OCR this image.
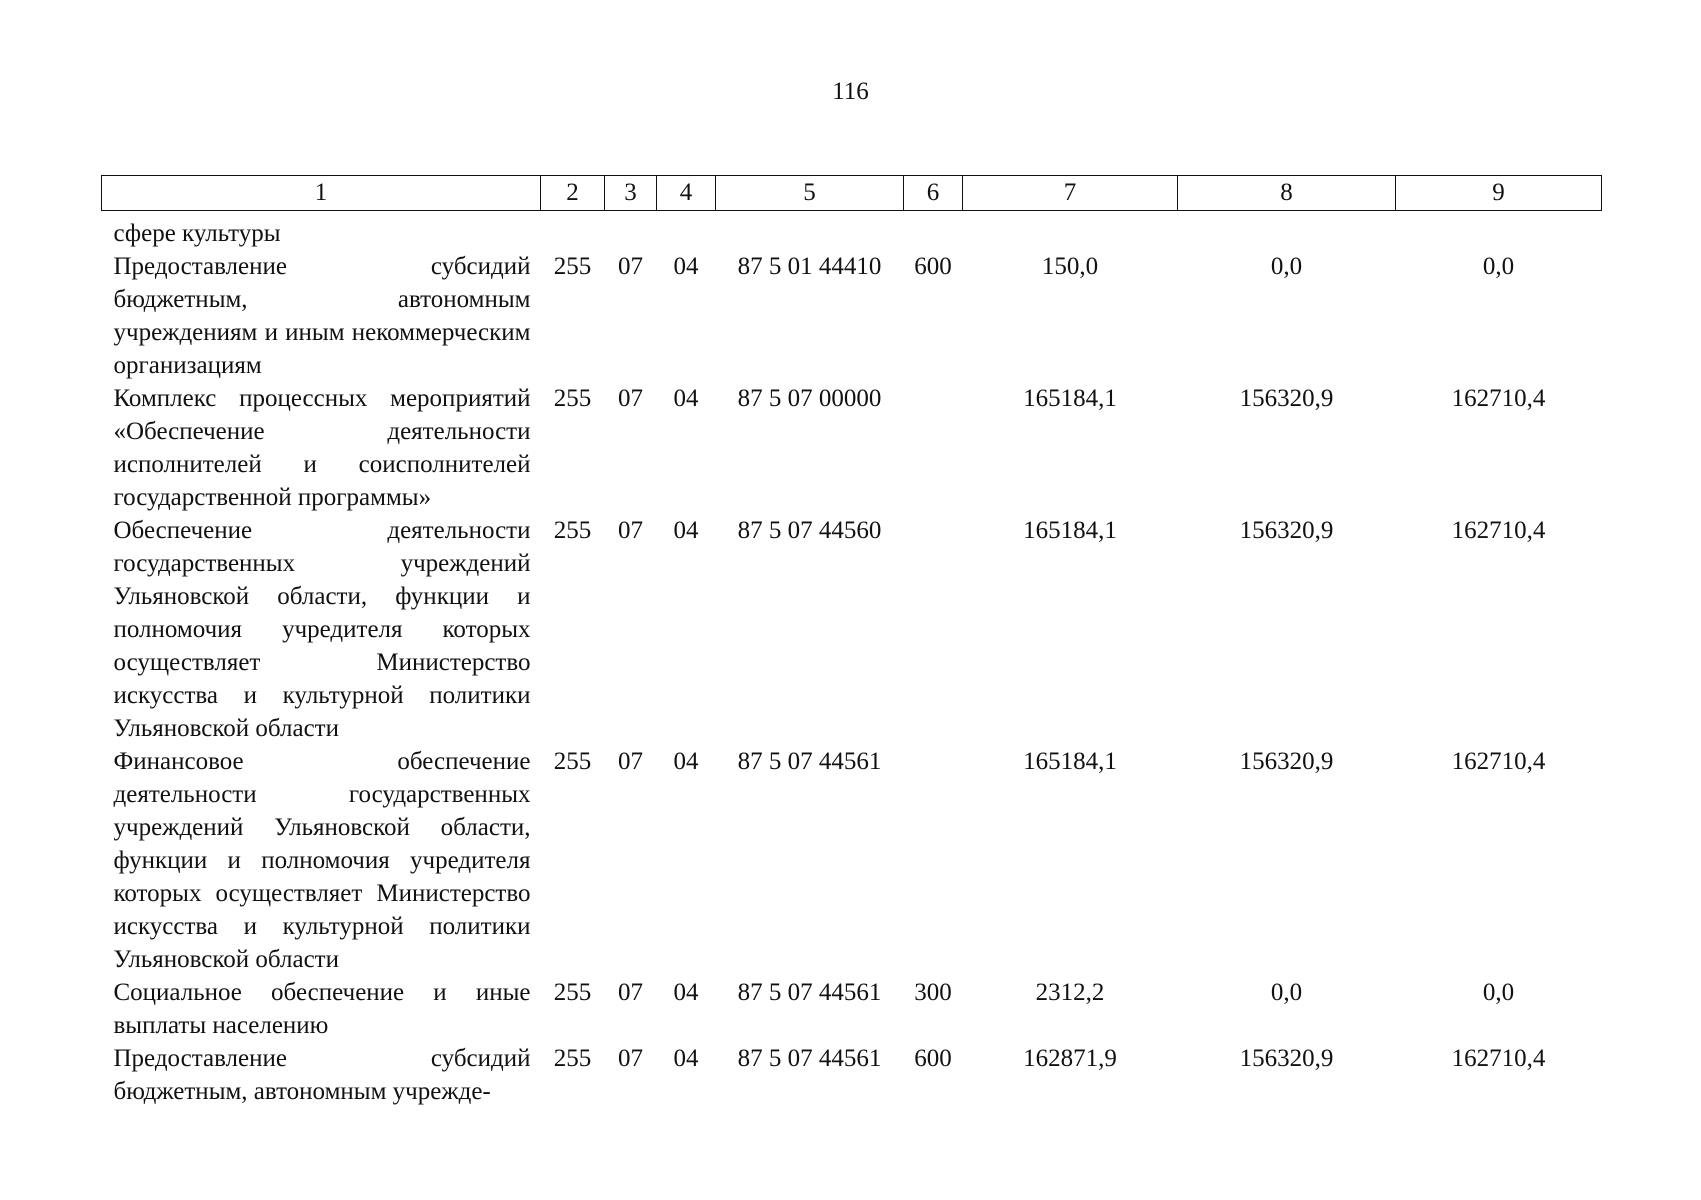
116
1	2	3	4	5	6	7	8	9
сфере культуры								
Предоставление субсидий бюджетным, автономным учреждениям и иным некоммерческим организациям	255	07	04	87 5 01 44410	600	150,0	0,0	0,0
Комплекс процессных мероприятий «Обеспечение деятельности исполнителей и соисполнителей государственной программы»	255	07	04	87 5 07 00000		165184,1	156320,9	162710,4
Обеспечение деятельности государственных учреждений Ульяновской области, функции и полномочия учредителя которых осуществляет Министерство искусства и культурной политики Ульяновской области	255	07	04	87 5 07 44560		165184,1	156320,9	162710,4
Финансовое обеспечение деятельности государственных учреждений Ульяновской области, функции и полномочия учредителя которых осуществляет Министерство искусства и культурной политики Ульяновской области	255	07	04	87 5 07 44561		165184,1	156320,9	162710,4
Социальное обеспечение и иные выплаты населению	255	07	04	87 5 07 44561	300	2312,2	0,0	0,0
Предоставление субсидий бюджетным, автономным учрежде-	255	07	04	87 5 07 44561	600	162871,9	156320,9	162710,4
